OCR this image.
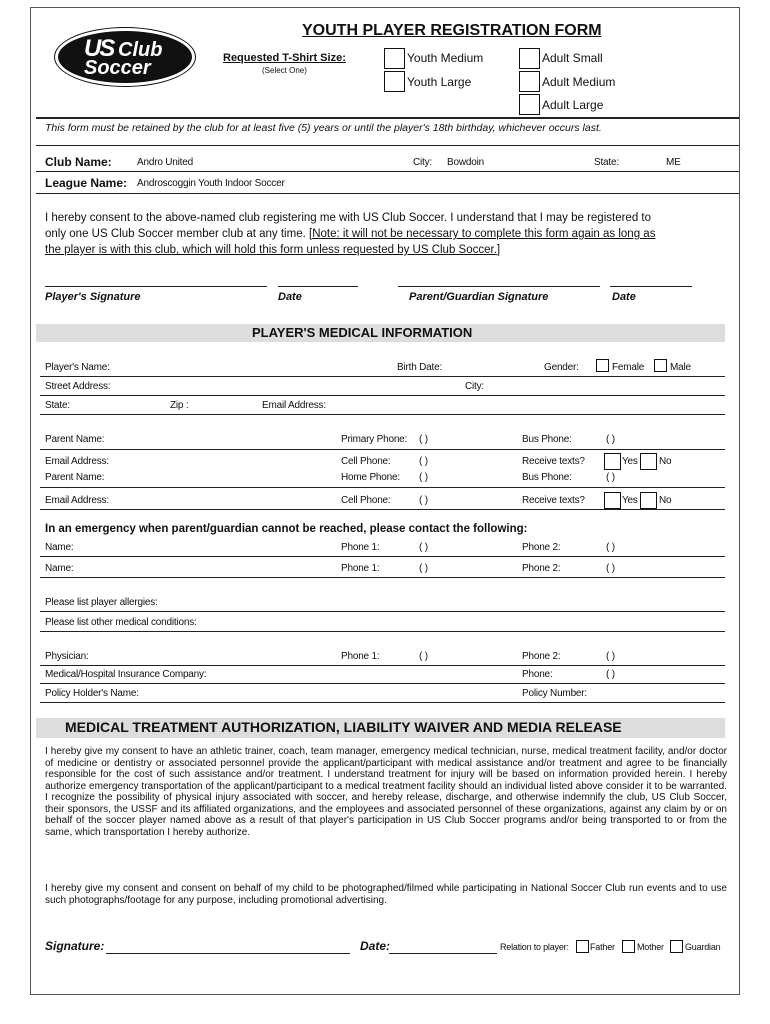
US Club
Soccer
YOUTH PLAYER REGISTRATION FORM
Requested T-Shirt Size:
(Select One)
Youth Medium
Youth Large
Adult Small
Adult Medium
Adult Large
This form must be retained by the club for at least five (5) years or until the player's 18th birthday, whichever occurs last.
Club Name:	Andro United	City: Bowdoin	State:	ME
League Name: Androscoggin Youth Indoor Soccer
I hereby consent to the above-named club registering me with US Club Soccer. I understand that I may be registered to
only one US Club Soccer member club at any time. [Note: it will not be necessary to complete this form again as long as
the player is with this club, which will hold this form unless requested by US Club Soccer.]
Player's Signature	Date	Parent/Guardian Signature	Date
PLAYER'S MEDICAL INFORMATION
Player's Name:	Birth Date:	Gender:	Female	Male
Street Address:	City:
State:	Zip :	Email Address:
Parent Name:	Primary Phone: ( )	Bus Phone:	( )
Email Address:	Cell Phone:	( )	Receive texts?	Yes No
Parent Name:	Home Phone: ( )	Bus Phone:	( )
Email Address:	Cell Phone:	( )	Receive texts?	Yes No
In an emergency when parent/guardian cannot be reached, please contact the following:
Name:	Phone 1:	( )	Phone 2:	( )
Name:	Phone 1:	( )	Phone 2:	( )
Please list player allergies:
Please list other medical conditions:
Physician:	Phone 1:	( )	Phone 2:	( )
Medical/Hospital Insurance Company:	Phone:	( )
Policy Holder's Name:	Policy Number:
MEDICAL TREATMENT AUTHORIZATION, LIABILITY WAIVER AND MEDIA RELEASE
I hereby give my consent to have an athletic trainer, coach, team manager, emergency medical technician, nurse, medical treatment facility, and/or doctor of medicine or dentistry or associated personnel provide the applicant/participant with medical assistance and/or treatment and agree to be financially responsible for the cost of such assistance and/or treatment. I understand treatment for injury will be based on information provided herein. I hereby authorize emergency transportation of the applicant/participant to a medical treatment facility should an individual listed above consider it to be warranted. I recognize the possibility of physical injury associated with soccer, and hereby release, discharge, and otherwise indemnify the club, US Club Soccer, their sponsors, the USSF and its affiliated organizations, and the employees and associated personnel of these organizations, against any claim by or on behalf of the soccer player named above as a result of that player's participation in US Club Soccer programs and/or being transported to or from the same, which transportation I hereby authorize.
I hereby give my consent and consent on behalf of my child to be photographed/filmed while participating in National Soccer Club run events and to use such photographs/footage for any purpose, including promotional advertising.
Signature:	Date:	Relation to player: Father Mother Guardian
